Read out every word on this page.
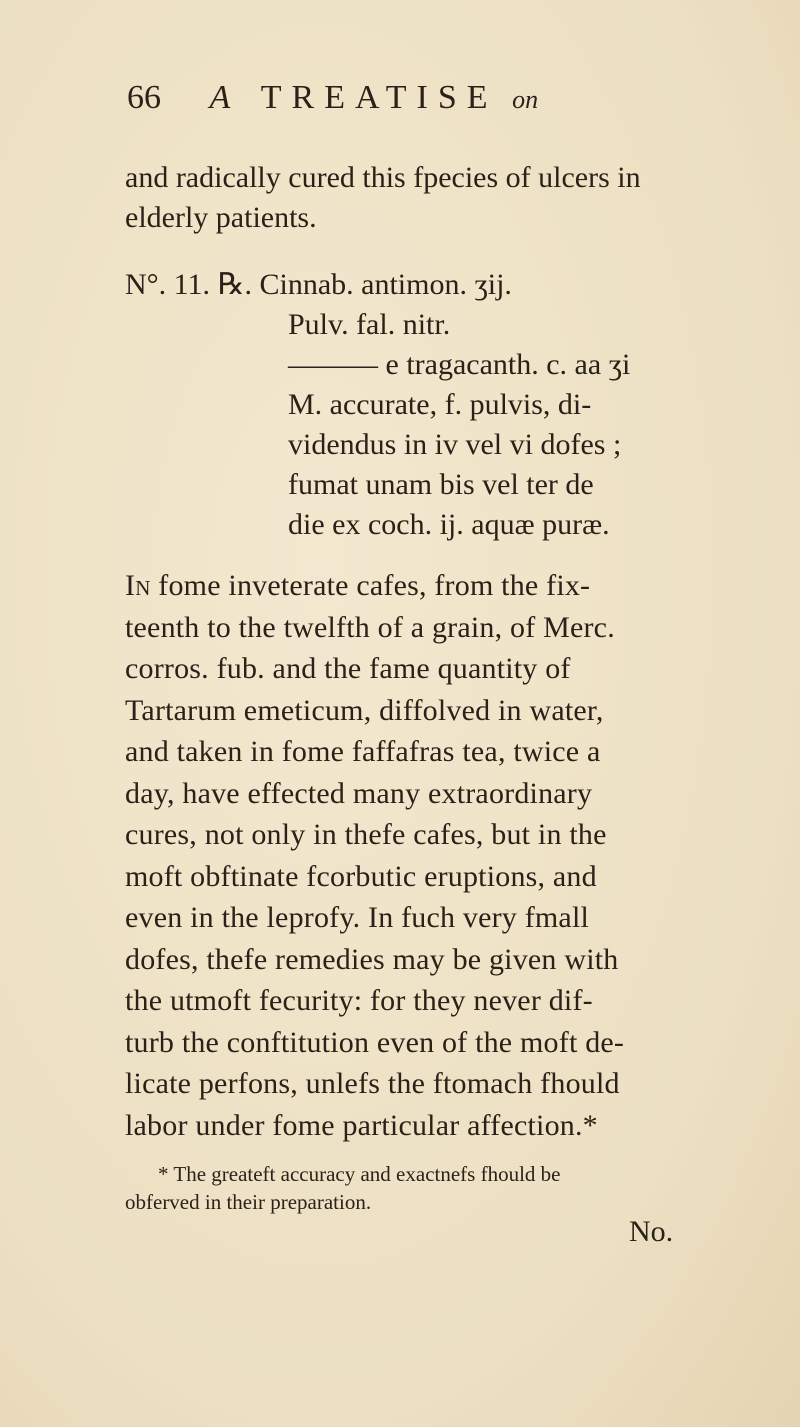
66 A TREATISE on
and radically cured this fpecies of ulcers in
elderly patients.
N°. 11. ℞. Cinnab. antimon. ʒij.
Pulv. fal. nitr.
——— e tragacanth. c. aa ʒi
M. accurate, f. pulvis, di-
videndus in iv vel vi dofes ;
fumat unam bis vel ter de
die ex coch. ij. aquæ puræ.
In fome inveterate cafes, from the fix-
teenth to the twelfth of a grain, of Merc.
corros. fub. and the fame quantity of
Tartarum emeticum, diffolved in water,
and taken in fome faffafras tea, twice a
day, have effected many extraordinary
cures, not only in thefe cafes, but in the
moft obftinate fcorbutic eruptions, and
even in the leprofy. In fuch very fmall
dofes, thefe remedies may be given with
the utmoft fecurity: for they never dif-
turb the conftitution even of the moft de-
licate perfons, unlefs the ftomach fhould
labor under fome particular affection.*
* The greateft accuracy and exactnefs fhould be
obferved in their preparation.
No.
